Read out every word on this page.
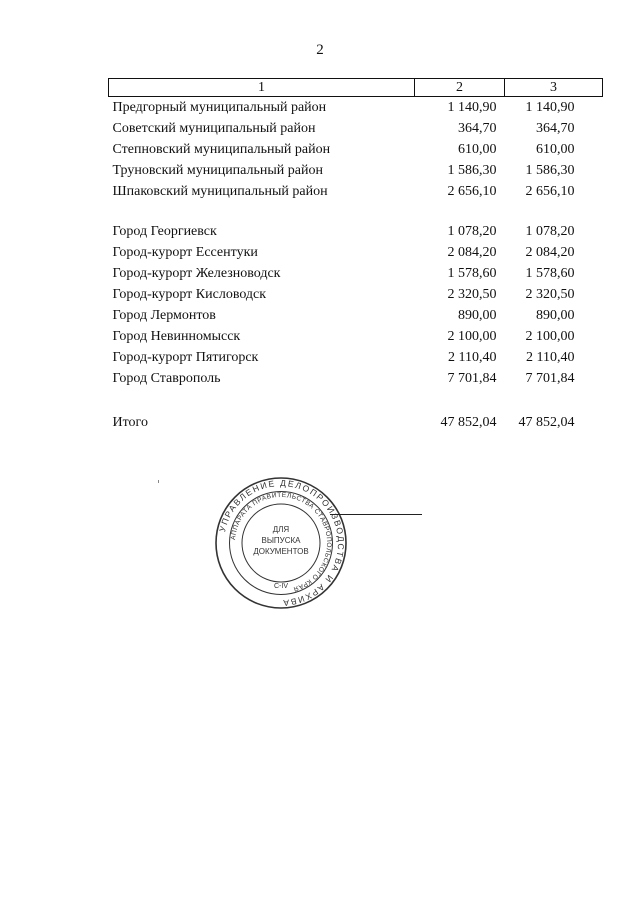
2
1	2	3
Предгорный муниципальный район	1 140,90	1 140,90
Советский муниципальный район	364,70	364,70
Степновский муниципальный район	610,00	610,00
Труновский муниципальный район	1 586,30	1 586,30
Шпаковский муниципальный район	2 656,10	2 656,10

Город Георгиевск	1 078,20	1 078,20
Город-курорт Ессентуки	2 084,20	2 084,20
Город-курорт Железноводск	1 578,60	1 578,60
Город-курорт Кисловодск	2 320,50	2 320,50
Город Лермонтов	890,00	890,00
Город Невинномысск	2 100,00	2 100,00
Город-курорт Пятигорск	2 110,40	2 110,40
Город Ставрополь	7 701,84	7 701,84

Итого	47 852,04	47 852,04
УПРАВЛЕНИЕ ДЕЛОПРОИЗВОДСТВА И АРХИВА
АППАРАТА ПРАВИТЕЛЬСТВА СТАВРОПОЛЬСКОГО КРАЯ
ДЛЯ
ВЫПУСКА
ДОКУМЕНТОВ
С-IV
